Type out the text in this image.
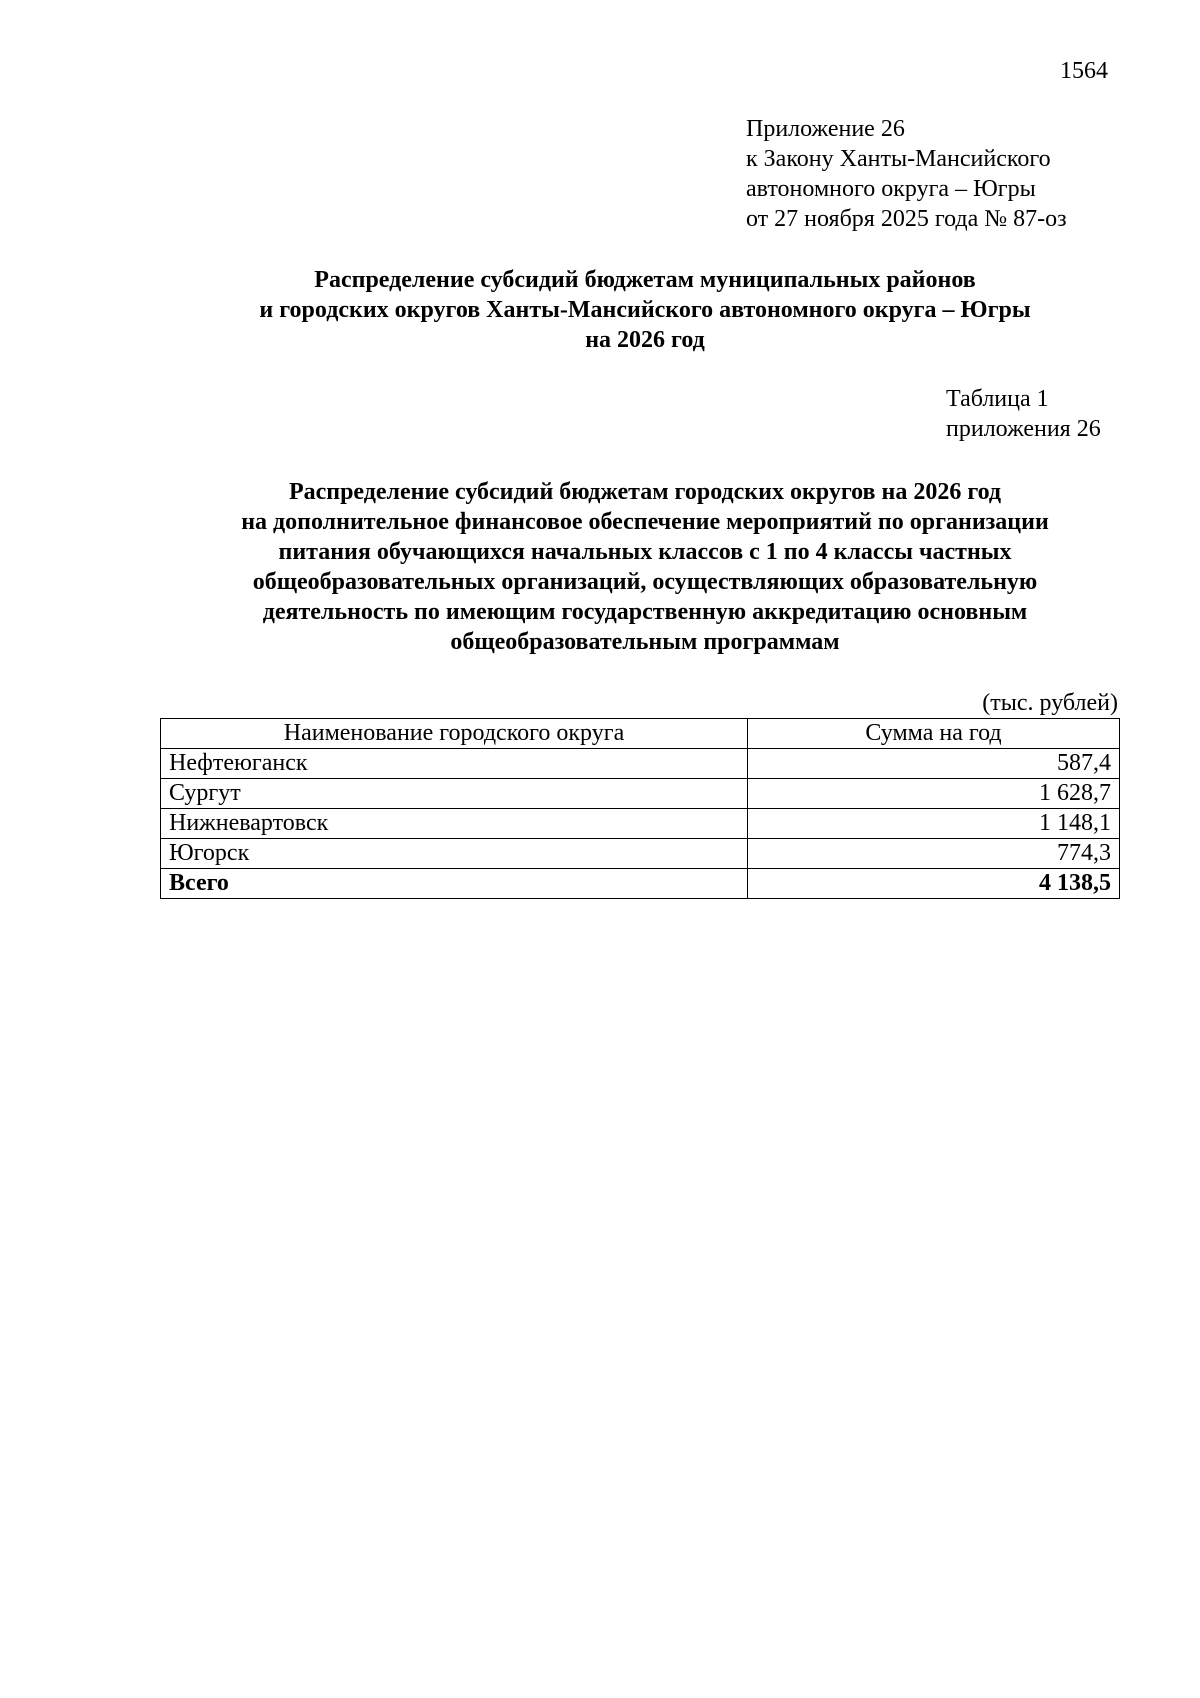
1564
Приложение 26
к Закону Ханты-Мансийского
автономного округа – Югры
от 27 ноября 2025 года № 87-оз
Распределение субсидий бюджетам муниципальных районов
и городских округов Ханты-Мансийского автономного округа – Югры
на 2026 год
Таблица 1
приложения 26
Распределение субсидий бюджетам городских округов на 2026 год
на дополнительное финансовое обеспечение мероприятий по организации
питания обучающихся начальных классов с 1 по 4 классы частных
общеобразовательных организаций, осуществляющих образовательную
деятельность по имеющим государственную аккредитацию основным
общеобразовательным программам
(тыс. рублей)
Наименование городского округа	Сумма на год
Нефтеюганск	587,4
Сургут	1 628,7
Нижневартовск	1 148,1
Югорск	774,3
Всего	4 138,5
